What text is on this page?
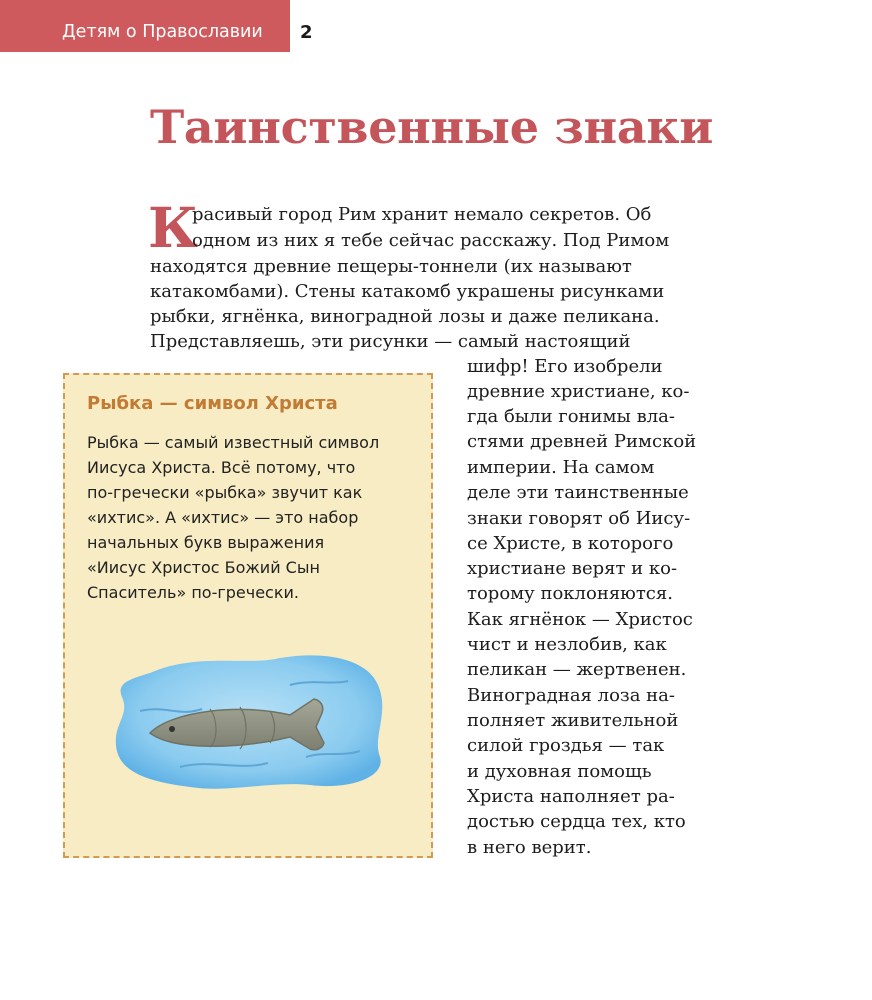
Детям о Православии 2
Таинственные знаки
К
расивый город Рим хранит немало секретов. Об
одном из них я тебе сейчас расскажу. Под Римом
находятся древние пещеры-тоннели (их называют
катакомбами). Стены катакомб украшены рисунками
рыбки, ягнёнка, виноградной лозы и даже пеликана.
Представляешь, эти рисунки — самый настоящий
шифр! Его изобрели
древние христиане, ко-
гда были гонимы вла-
стями древней Римской
империи. На самом
деле эти таинственные
знаки говорят об Иису-
се Христе, в которого
христиане верят и ко-
торому поклоняются.
Как ягнёнок — Христос
чист и незлобив, как
пеликан — жертвенен.
Виноградная лоза на-
полняет живительной
силой гроздья — так
и духовная помощь
Христа наполняет ра-
достью сердца тех, кто
в него верит.
Рыбка — символ Христа
Рыбка — самый известный символ
Иисуса Христа. Всё потому, что
по-гречески «рыбка» звучит как
«ихтис». А «ихтис» — это набор
начальных букв выражения
«Иисус Христос Божий Сын
Спаситель» по-гречески.
